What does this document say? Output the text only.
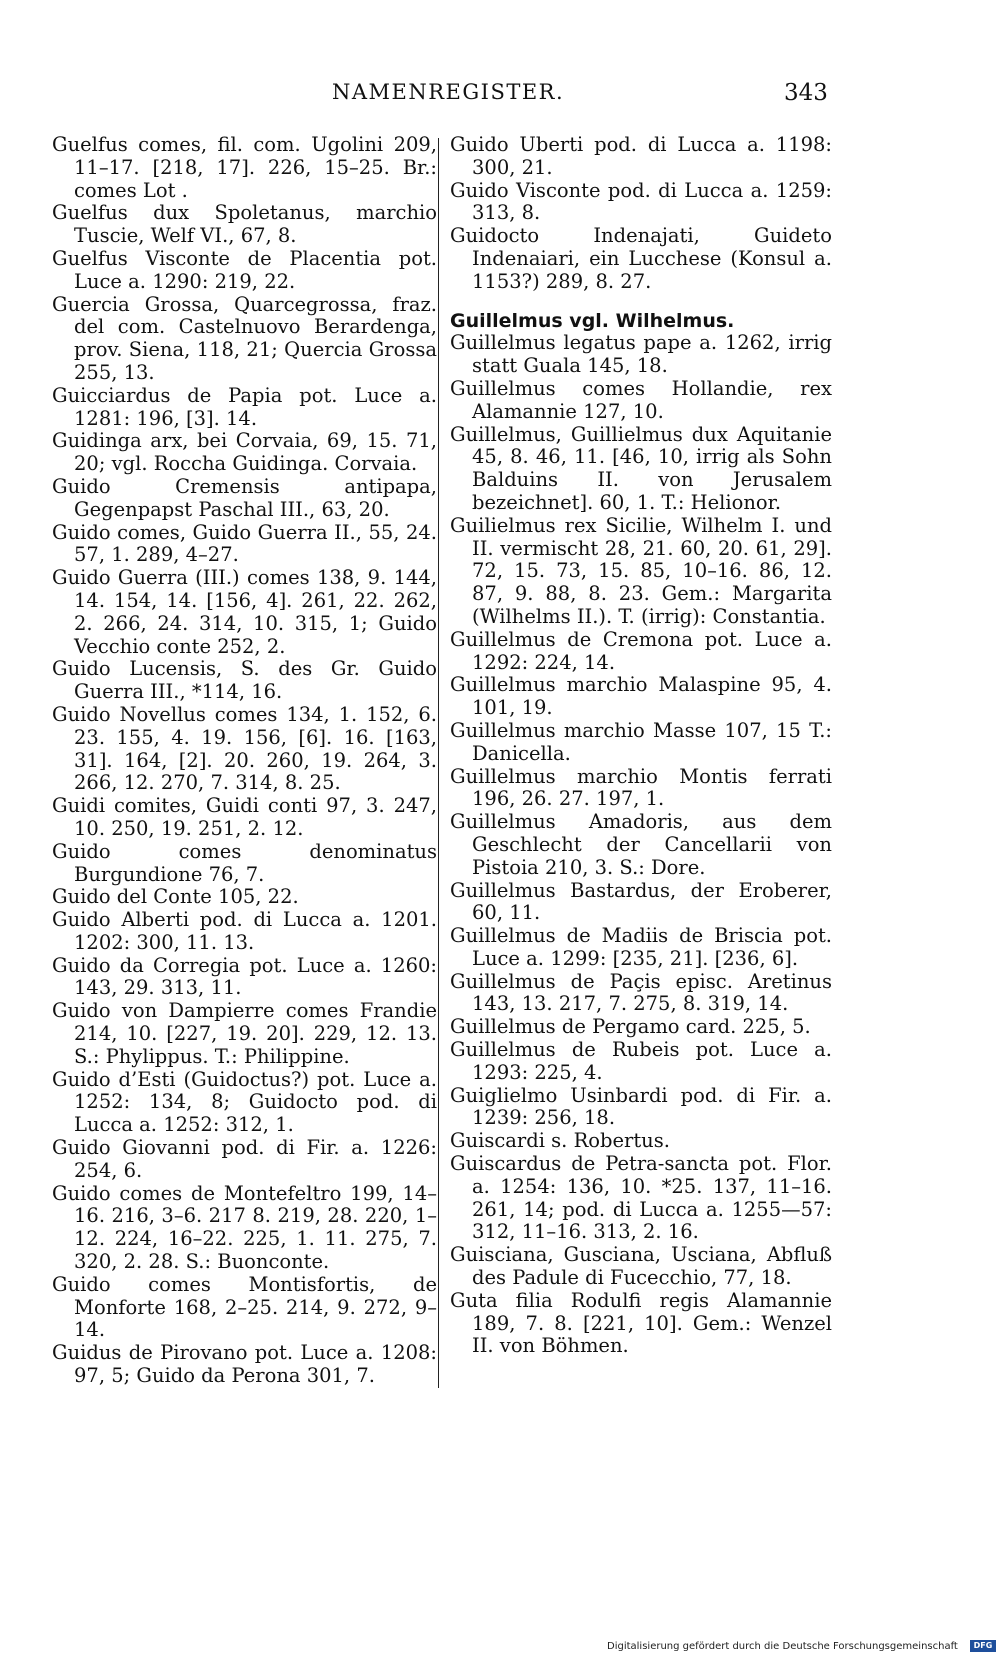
NAMENREGISTER.	343

Guelfus comes, fil. com. Ugolini 209, 11–17. [218, 17]. 226, 15–25. Br.: comes Lot .

Guelfus dux Spoletanus, marchio Tuscie, Welf VI., 67, 8.

Guelfus Visconte de Placentia pot. Luce a. 1290: 219, 22.

Guercia Grossa, Quarcegrossa, fraz. del com. Castelnuovo Berardenga, prov. Siena, 118, 21; Quercia Grossa 255, 13.

Guicciardus de Papia pot. Luce a. 1281: 196, [3]. 14.

Guidinga arx, bei Corvaia, 69, 15. 71, 20; vgl. Roccha Guidinga. Corvaia.

Guido Cremensis antipapa, Gegenpapst Paschal III., 63, 20.

Guido comes, Guido Guerra II., 55, 24. 57, 1. 289, 4–27.

Guido Guerra (III.) comes 138, 9. 144, 14. 154, 14. [156, 4]. 261, 22. 262, 2. 266, 24. 314, 10. 315, 1; Guido Vecchio conte 252, 2.

Guido Lucensis, S. des Gr. Guido Guerra III., *114, 16.

Guido Novellus comes 134, 1. 152, 6. 23. 155, 4. 19. 156, [6]. 16. [163, 31]. 164, [2]. 20. 260, 19. 264, 3. 266, 12. 270, 7. 314, 8. 25.

Guidi comites, Guidi conti 97, 3. 247, 10. 250, 19. 251, 2. 12.

Guido comes denominatus Burgundione 76, 7.

Guido del Conte 105, 22.

Guido Alberti pod. di Lucca a. 1201. 1202: 300, 11. 13.

Guido da Corregia pot. Luce a. 1260: 143, 29. 313, 11.

Guido von Dampierre comes Frandie 214, 10. [227, 19. 20]. 229, 12. 13. S.: Phylippus. T.: Philippine.

Guido d’Esti (Guidoctus?) pot. Luce a. 1252: 134, 8; Guidocto pod. di Lucca a. 1252: 312, 1.

Guido Giovanni pod. di Fir. a. 1226: 254, 6.

Guido comes de Montefeltro 199, 14–16. 216, 3–6. 217 8. 219, 28. 220, 1–12. 224, 16–22. 225, 1. 11. 275, 7. 320, 2. 28. S.: Buonconte.

Guido comes Montisfortis, de Monforte 168, 2–25. 214, 9. 272, 9–14.

Guidus de Pirovano pot. Luce a. 1208: 97, 5; Guido da Perona 301, 7.

Guido Uberti pod. di Lucca a. 1198: 300, 21.

Guido Visconte pod. di Lucca a. 1259: 313, 8.

Guidocto Indenajati, Guideto Indenaiari, ein Lucchese (Konsul a. 1153?) 289, 8. 27.

Guillelmus vgl. Wilhelmus.

Guillelmus legatus pape a. 1262, irrig statt Guala 145, 18.

Guillelmus comes Hollandie, rex Alamannie 127, 10.

Guillelmus, Guillielmus dux Aquitanie 45, 8. 46, 11. [46, 10, irrig als Sohn Balduins II. von Jerusalem bezeichnet]. 60, 1. T.: Helionor.

Guilielmus rex Sicilie, Wilhelm I. und II. vermischt 28, 21. 60, 20. 61, 29]. 72, 15. 73, 15. 85, 10–16. 86, 12. 87, 9. 88, 8. 23. Gem.: Margarita (Wilhelms II.). T. (irrig): Constantia.

Guillelmus de Cremona pot. Luce a. 1292: 224, 14.

Guillelmus marchio Malaspine 95, 4. 101, 19.

Guillelmus marchio Masse 107, 15 T.: Danicella.

Guillelmus marchio Montis ferrati 196, 26. 27. 197, 1.

Guillelmus Amadoris, aus dem Geschlecht der Cancellarii von Pistoia 210, 3. S.: Dore.

Guillelmus Bastardus, der Eroberer, 60, 11.

Guillelmus de Madiis de Briscia pot. Luce a. 1299: [235, 21]. [236, 6].

Guillelmus de Paçis episc. Aretinus 143, 13. 217, 7. 275, 8. 319, 14.

Guillelmus de Pergamo card. 225, 5.

Guillelmus de Rubeis pot. Luce a. 1293: 225, 4.

Guiglielmo Usinbardi pod. di Fir. a. 1239: 256, 18.

Guiscardi s. Robertus.

Guiscardus de Petra-sancta pot. Flor. a. 1254: 136, 10. *25. 137, 11–16. 261, 14; pod. di Lucca a. 1255—57: 312, 11–16. 313, 2. 16.

Guisciana, Gusciana, Usciana, Abfluß des Padule di Fucecchio, 77, 18.

Guta filia Rodulfi regis Alamannie 189, 7. 8. [221, 10]. Gem.: Wenzel II. von Böhmen.

Digitalisierung gefördert durch die Deutsche Forschungsgemeinschaft	DFG
